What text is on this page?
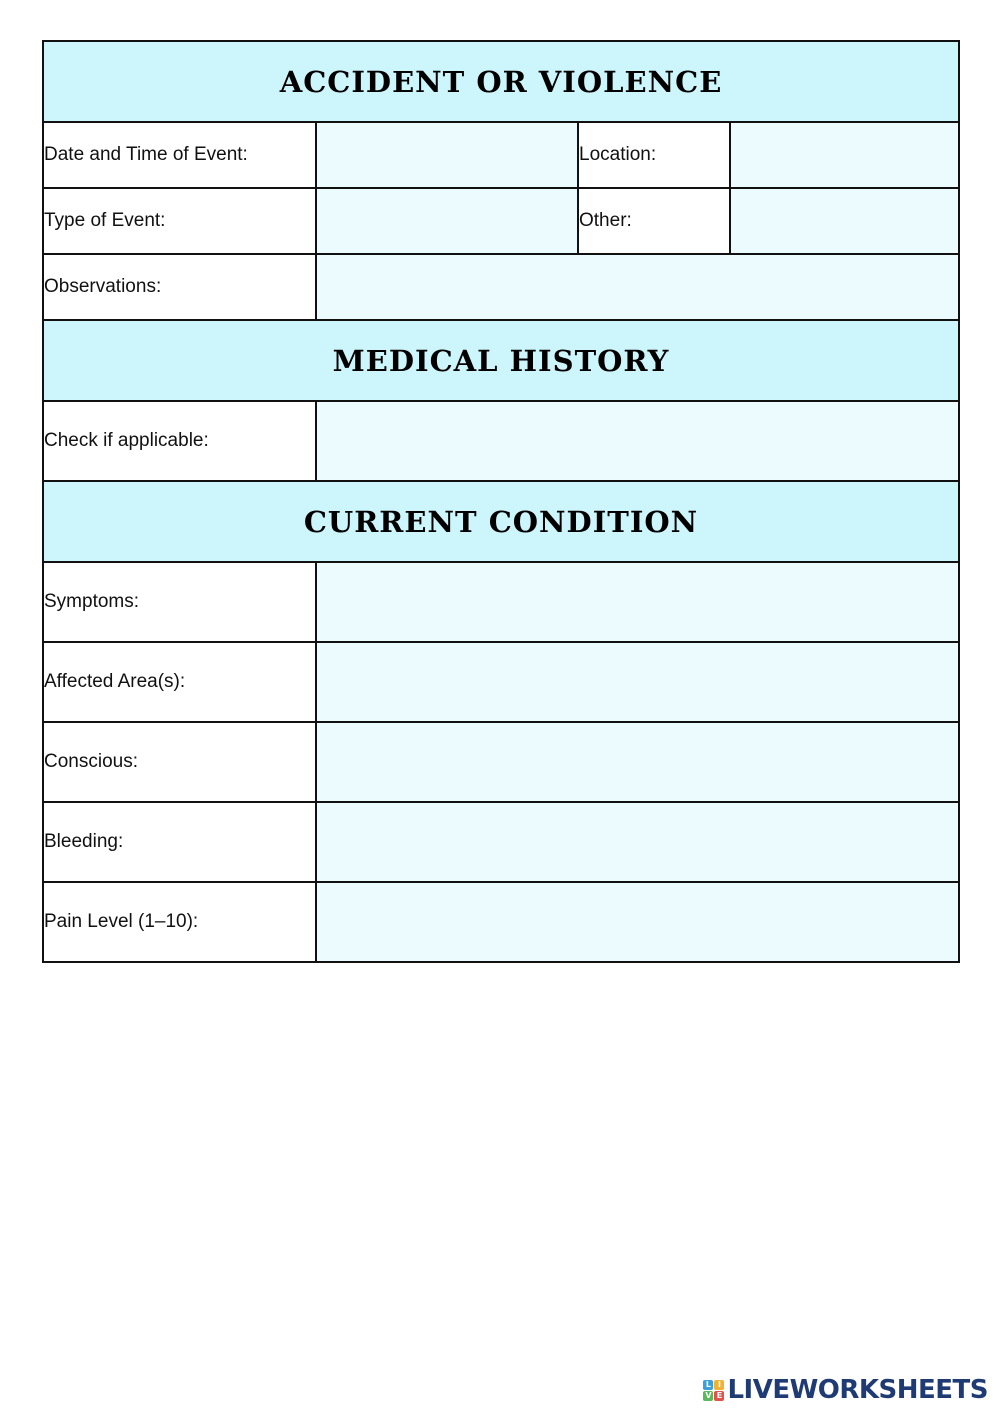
ACCIDENT OR VIOLENCE			
Date and Time of Event:		Location:	
Type of Event:		Other:	
Observations:			
MEDICAL HISTORY			
Check if applicable:			
CURRENT CONDITION			
Symptoms:			
Affected Area(s):			
Conscious:			
Bleeding:			
Pain Level (1–10):			
L I
V E LIVEWORKSHEETS
